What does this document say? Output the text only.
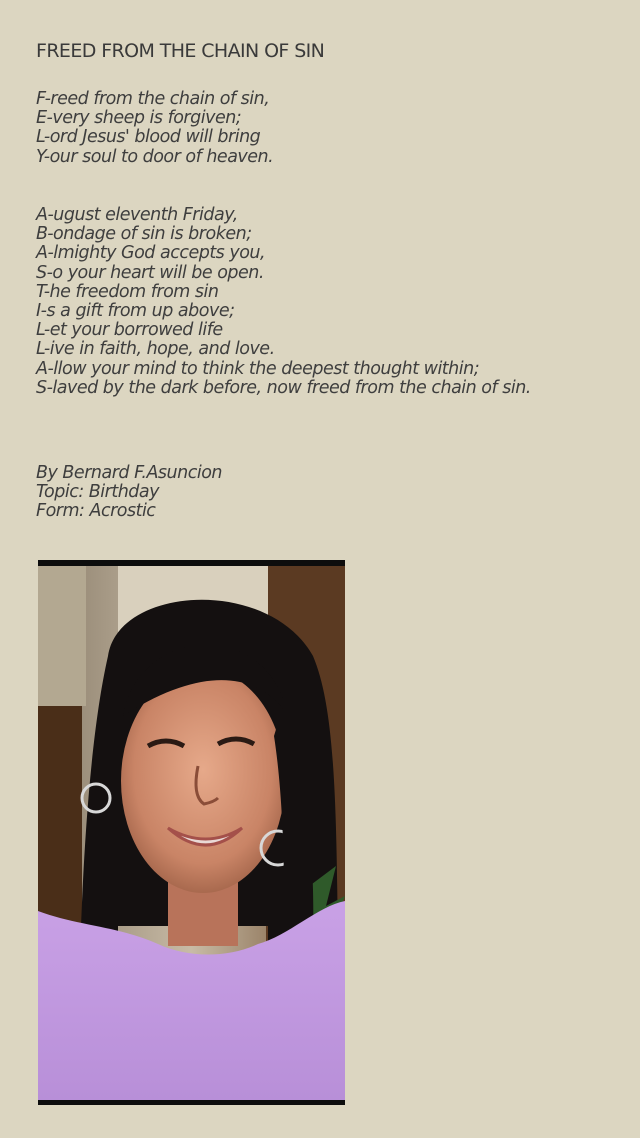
FREED FROM THE CHAIN OF SIN
F-reed from the chain of sin,
E-very sheep is forgiven;
L-ord Jesus' blood will bring
Y-our soul to door of heaven.
A-ugust eleventh Friday,
B-ondage of sin is broken;
A-lmighty God accepts you,
S-o your heart will be open.
T-he freedom from sin
I-s a gift from up above;
L-et your borrowed life
L-ive in faith, hope, and love.
A-llow your mind to think the deepest thought within;
S-laved by the dark before, now freed from the chain of sin.
By Bernard F.Asuncion
Topic: Birthday
Form: Acrostic
